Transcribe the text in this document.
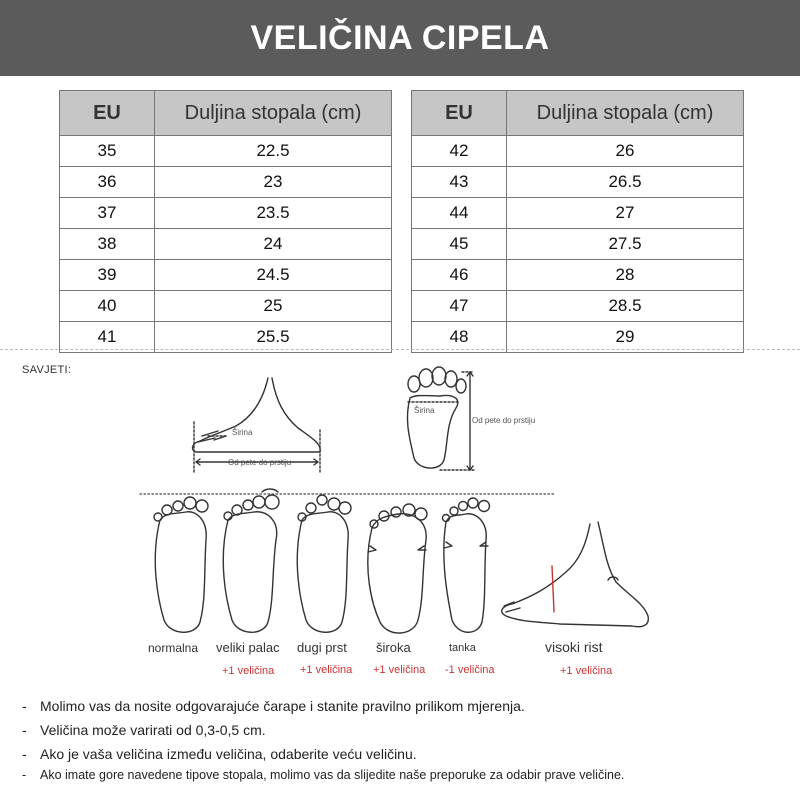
VELIČINA CIPELA
EU	Duljina stopala (cm)
35	22.5
36	23
37	23.5
38	24
39	24.5
40	25
41	25.5
EU	Duljina stopala (cm)
42	26
43	26.5
44	27
45	27.5
46	28
47	28.5
48	29
SAVJETI:
Širina
Od pete do prstiju
Širina
Od pete do prstiju
normalna veliki palac dugi prst široka	tanka	visoki rist
+1 veličina +1 veličina +1 veličina -1 veličina	+1 veličina
- Molimo vas da nosite odgovarajuće čarape i stanite pravilno prilikom mjerenja.
- Veličina može varirati od 0,3-0,5 cm.
- Ako je vaša veličina između veličina, odaberite veću veličinu.
-	Ako imate gore navedene tipove stopala, molimo vas da slijedite naše preporuke za odabir prave veličine.
